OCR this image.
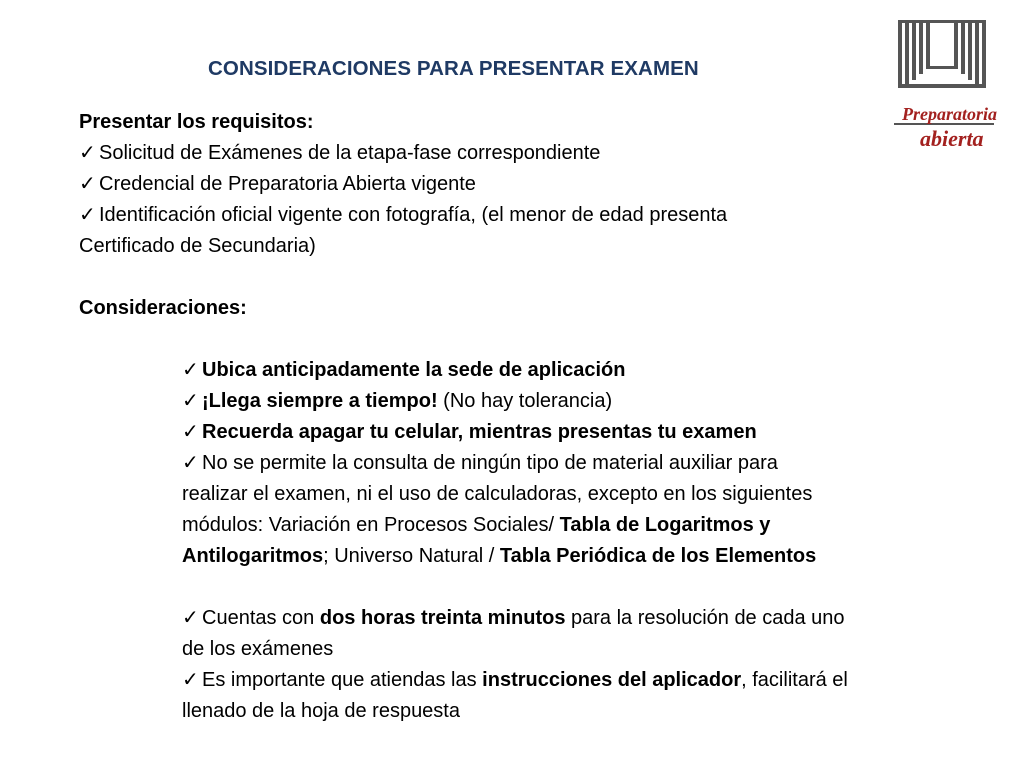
CONSIDERACIONES PARA PRESENTAR EXAMEN
Preparatoria
abierta
Presentar los requisitos:
✓ Solicitud de Exámenes de la etapa-fase correspondiente
✓ Credencial de Preparatoria Abierta vigente
✓ Identificación oficial vigente con fotografía, (el menor de edad presenta
Certificado de Secundaria)
Consideraciones:
✓ Ubica anticipadamente la sede de aplicación
✓ ¡Llega siempre a tiempo! (No hay tolerancia)
✓ Recuerda apagar tu celular, mientras presentas tu examen
✓ No se permite la consulta de ningún tipo de material auxiliar para
realizar el examen, ni el uso de calculadoras, excepto en los siguientes
módulos: Variación en Procesos Sociales/ Tabla de Logaritmos y
Antilogaritmos; Universo Natural / Tabla Periódica de los Elementos
✓ Cuentas con dos horas treinta minutos para la resolución de cada uno
de los exámenes
✓ Es importante que atiendas las instrucciones del aplicador, facilitará el
llenado de la hoja de respuesta
